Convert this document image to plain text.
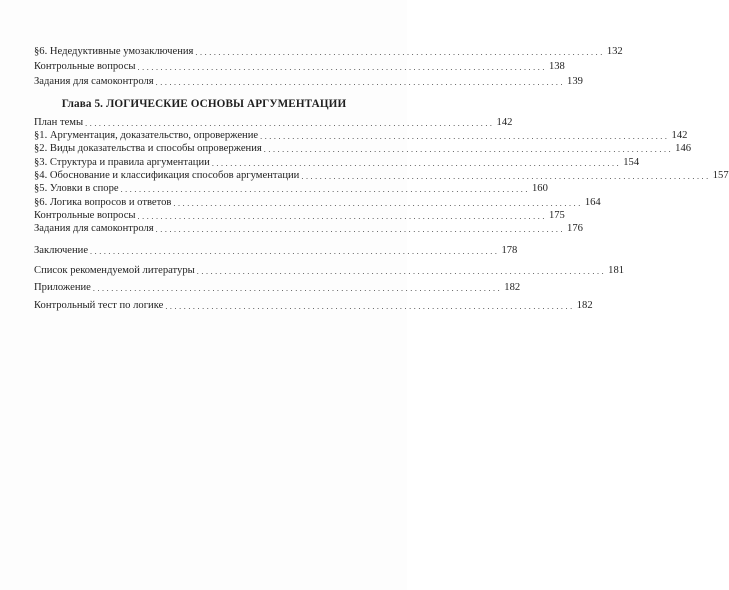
§6. Недедуктивные умозаключения ......................................................................................... 132
Контрольные вопросы ......................................................................................... 138
Задания для самоконтроля ......................................................................................... 139
Глава 5. ЛОГИЧЕСКИЕ ОСНОВЫ АРГУМЕНТАЦИИ
План темы ......................................................................................... 142
§1. Аргументация, доказательство, опровержение ......................................................................................... 142
§2. Виды доказательства и способы опровержения ......................................................................................... 146
§3. Структура и правила аргументации ......................................................................................... 154
§4. Обоснование и классификация способов аргументации ......................................................................................... 157
§5. Уловки в споре ......................................................................................... 160
§6. Логика вопросов и ответов ......................................................................................... 164
Контрольные вопросы ......................................................................................... 175
Задания для самоконтроля ......................................................................................... 176
Заключение ......................................................................................... 178
Список рекомендуемой литературы ......................................................................................... 181
Приложение ......................................................................................... 182
Контрольный тест по логике ......................................................................................... 182
